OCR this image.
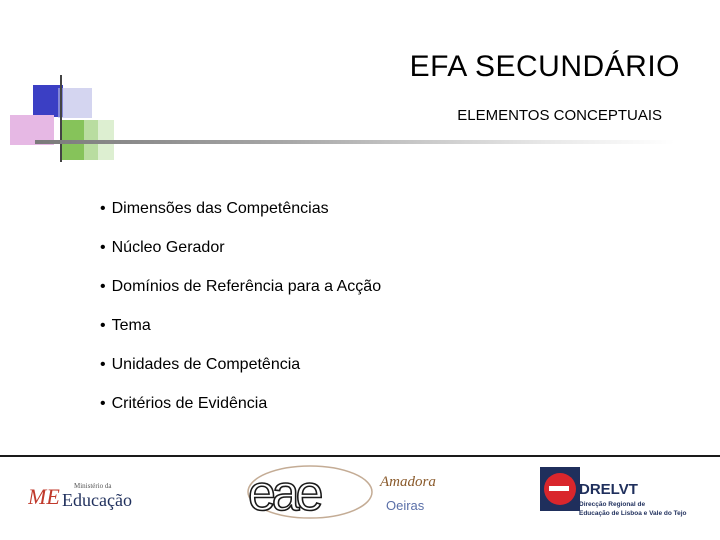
EFA SECUNDÁRIO
ELEMENTOS CONCEPTUAIS
• Dimensões das Competências
• Núcleo Gerador
• Domínios de Referência para a Acção
• Tema
• Unidades de Competência
• Critérios de Evidência
ME Ministério da
Educação eae	Amadora
Oeiras
DRELVT
Direcção Regional de
Educação de Lisboa e Vale do Tejo
